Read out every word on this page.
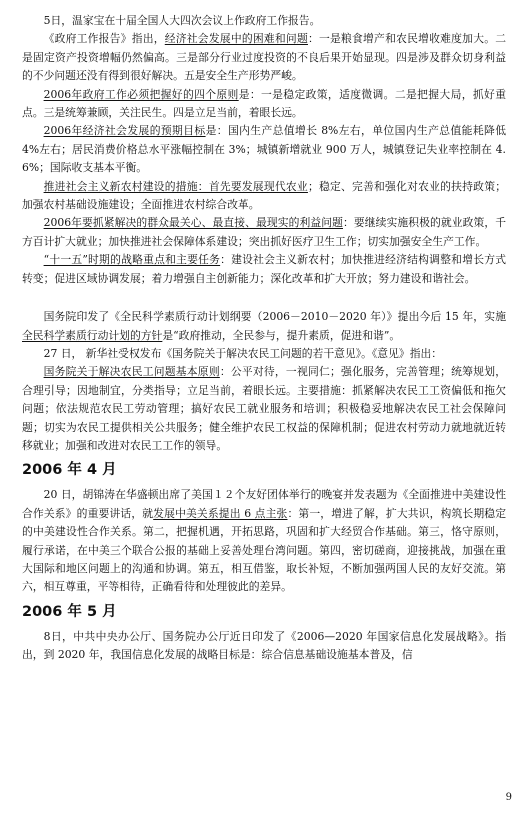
5日，温家宝在十届全国人大四次会议上作政府工作报告。

《政府工作报告》指出，经济社会发展中的困难和问题：一是粮食增产和农民增收难度加大。二是固定资产投资增幅仍然偏高。三是部分行业过度投资的不良后果开始显现。四是涉及群众切身利益的不少问题还没有得到很好解决。五是安全生产形势严峻。

2006年政府工作必须把握好的四个原则是：一是稳定政策，适度微调。二是把握大局，抓好重点。三是统筹兼顾，关注民生。四是立足当前，着眼长远。

2006年经济社会发展的预期目标是：国内生产总值增长 8%左右，单位国内生产总值能耗降低 4%左右；居民消费价格总水平涨幅控制在 3%；城镇新增就业 900 万人，城镇登记失业率控制在 4.6%；国际收支基本平衡。

推进社会主义新农村建设的措施：首先要发展现代农业；稳定、完善和强化对农业的扶持政策；加强农村基础设施建设；全面推进农村综合改革。

2006年要抓紧解决的群众最关心、最直接、最现实的利益问题：要继续实施积极的就业政策，千方百计扩大就业；加快推进社会保障体系建设；突出抓好医疗卫生工作；切实加强安全生产工作。

“十一五”时期的战略重点和主要任务：建设社会主义新农村；加快推进经济结构调整和增长方式转变；促进区域协调发展；着力增强自主创新能力；深化改革和扩大开放；努力建设和谐社会。

国务院印发了《全民科学素质行动计划纲要（2006－2010－2020 年）》提出今后 15 年，实施全民科学素质行动计划的方针是“政府推动，全民参与，提升素质，促进和谐”。

27 日， 新华社受权发布《国务院关于解决农民工问题的若干意见》。《意见》指出：

国务院关于解决农民工问题基本原则：公平对待，一视同仁；强化服务，完善管理；统筹规划，合理引导；因地制宜，分类指导；立足当前，着眼长远。主要措施：抓紧解决农民工工资偏低和拖欠问题；依法规范农民工劳动管理；搞好农民工就业服务和培训；积极稳妥地解决农民工社会保障问题；切实为农民工提供相关公共服务；健全维护农民工权益的保障机制；促进农村劳动力就地就近转移就业；加强和改进对农民工工作的领导。

2006 年 4 月

20 日，胡锦涛在华盛顿出席了美国１２个友好团体举行的晚宴并发表题为《全面推进中美建设性合作关系》的重要讲话，就发展中美关系提出 6 点主张：第一，增进了解，扩大共识，构筑长期稳定的中美建设性合作关系。第二，把握机遇，开拓思路，巩固和扩大经贸合作基础。第三，恪守原则，履行承诺，在中美三个联合公报的基础上妥善处理台湾问题。第四，密切磋商，迎接挑战，加强在重大国际和地区问题上的沟通和协调。第五，相互借鉴，取长补短，不断加强两国人民的友好交流。第六，相互尊重，平等相待，正确看待和处理彼此的差异。

2006 年 5 月

8日，中共中央办公厅、国务院办公厅近日印发了《2006—2020 年国家信息化发展战略》。指出，到 2020 年，我国信息化发展的战略目标是：综合信息基础设施基本普及，信

9
